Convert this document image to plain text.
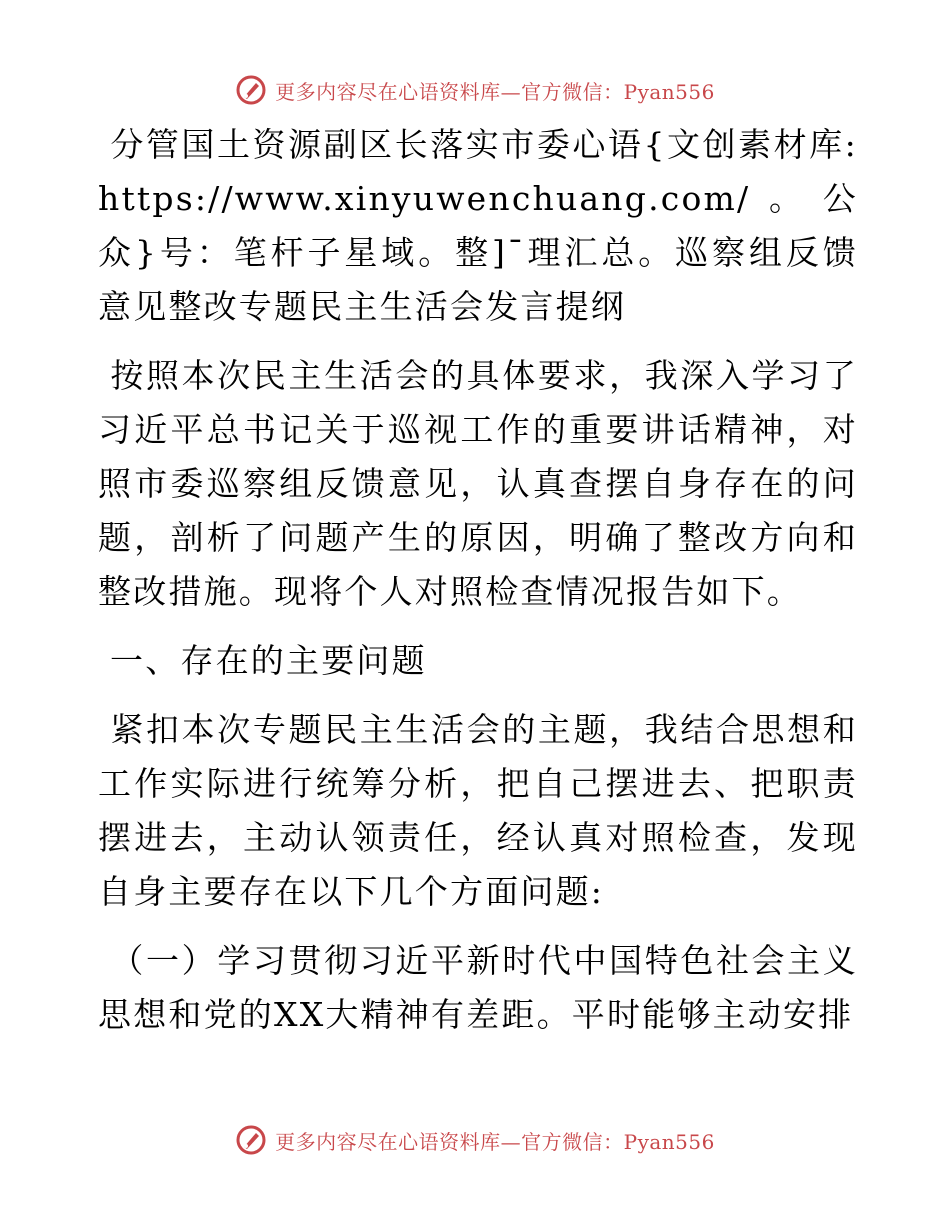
更多内容尽在心语资料库—官方微信：Pyan556

分管国土资源副区长落实市委心语{文创素材库:https://www.xinyuwenchuang.com/。公众}号：笔杆子星域。整]¯理汇总。巡察组反馈意见整改专题民主生活会发言提纲

按照本次民主生活会的具体要求，我深入学习了习近平总书记关于巡视工作的重要讲话精神，对照市委巡察组反馈意见，认真查摆自身存在的问题，剖析了问题产生的原因，明确了整改方向和整改措施。现将个人对照检查情况报告如下。

一、存在的主要问题

紧扣本次专题民主生活会的主题，我结合思想和工作实际进行统筹分析，把自己摆进去、把职责摆进去，主动认领责任，经认真对照检查，发现自身主要存在以下几个方面问题:

（一）学习贯彻习近平新时代中国特色社会主义思想和党的XX大精神有差距。平时能够主动安排

更多内容尽在心语资料库—官方微信：Pyan556
